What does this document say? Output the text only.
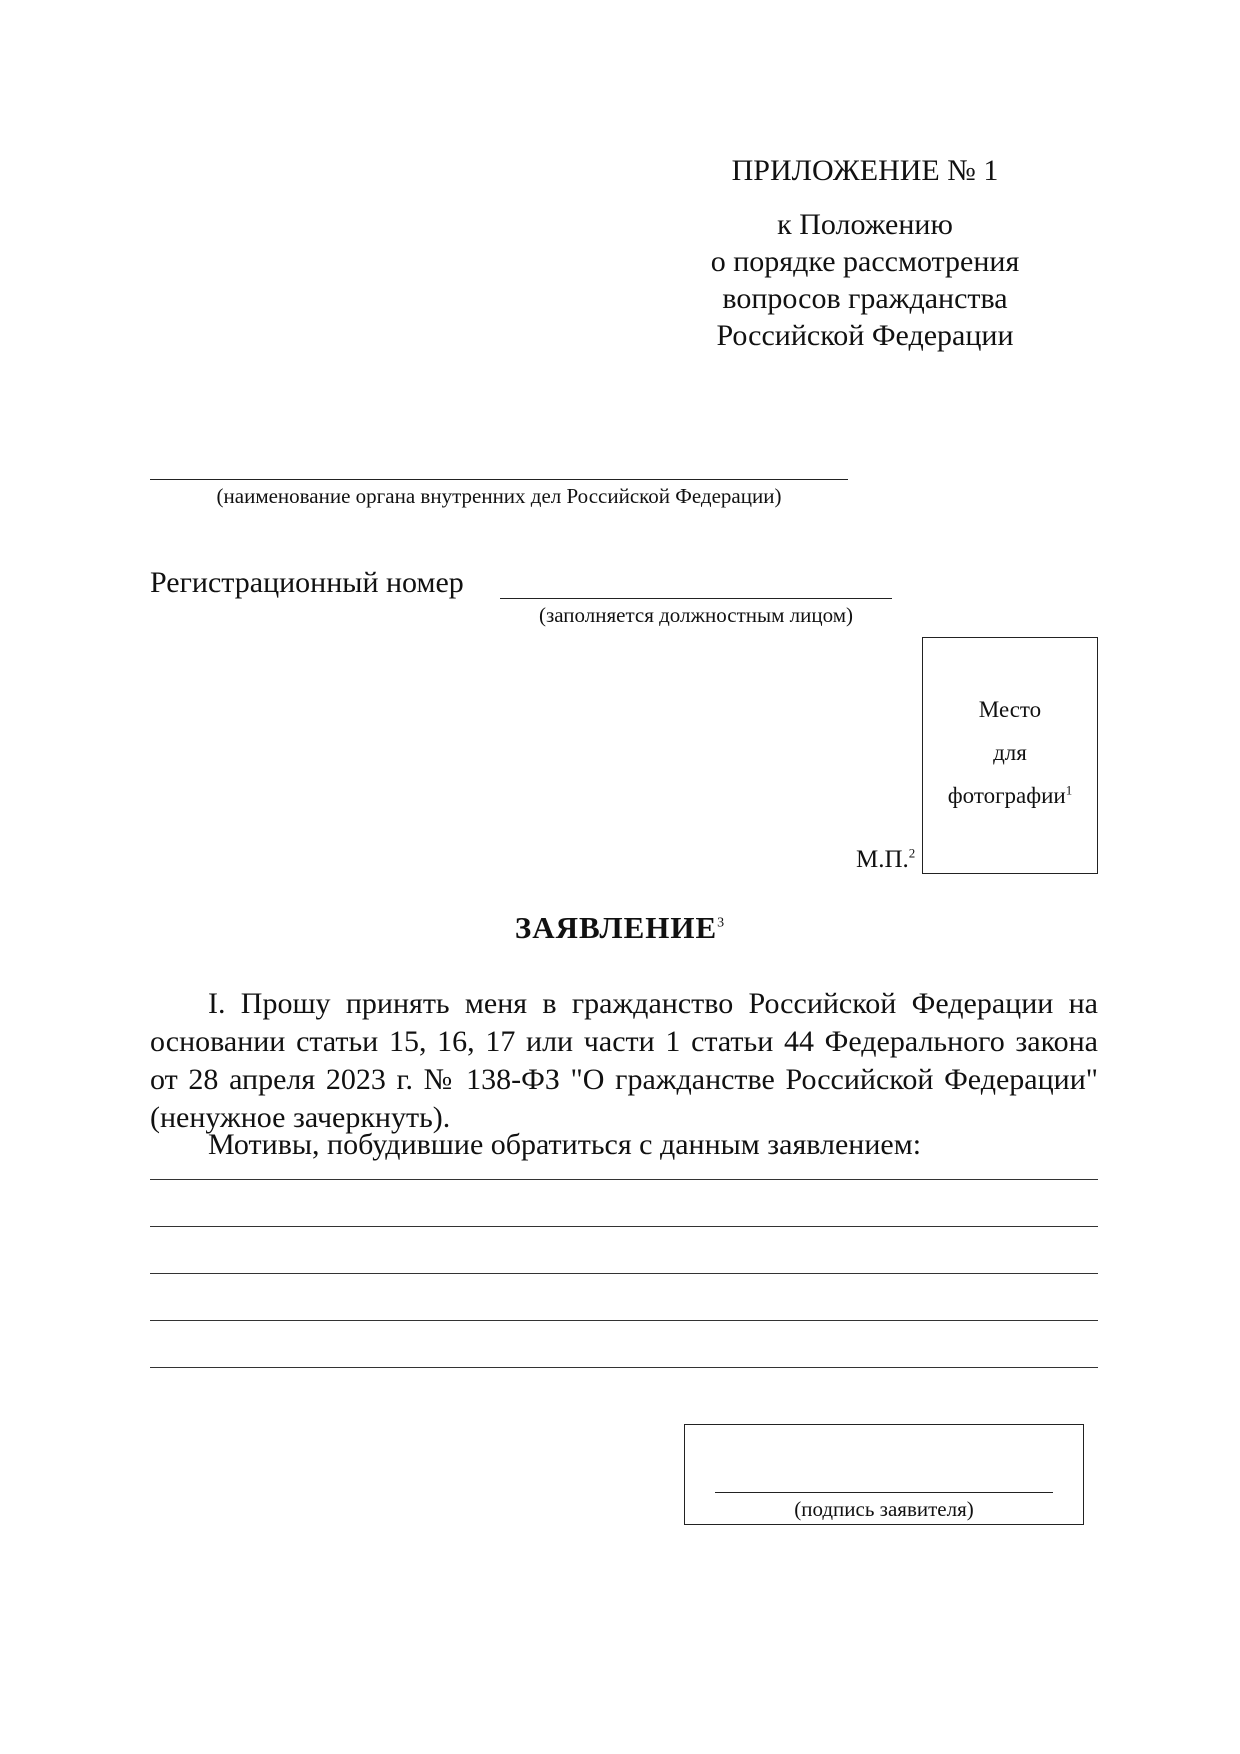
ПРИЛОЖЕНИЕ № 1
к Положению
о порядке рассмотрения
вопросов гражданства
Российской Федерации
(наименование органа внутренних дел Российской Федерации)
Регистрационный номер
(заполняется должностным лицом)
Место
для
фотографии$^1$
М.П.$^2$
ЗАЯВЛЕНИЕ$^3$
I. Прошу принять меня в гражданство Российской Федерации на основании статьи 15, 16, 17 или части 1 статьи 44 Федерального закона от 28 апреля 2023 г. № 138-ФЗ "О гражданстве Российской Федерации" (ненужное зачеркнуть).
Мотивы, побудившие обратиться с данным заявлением:
(подпись заявителя)
